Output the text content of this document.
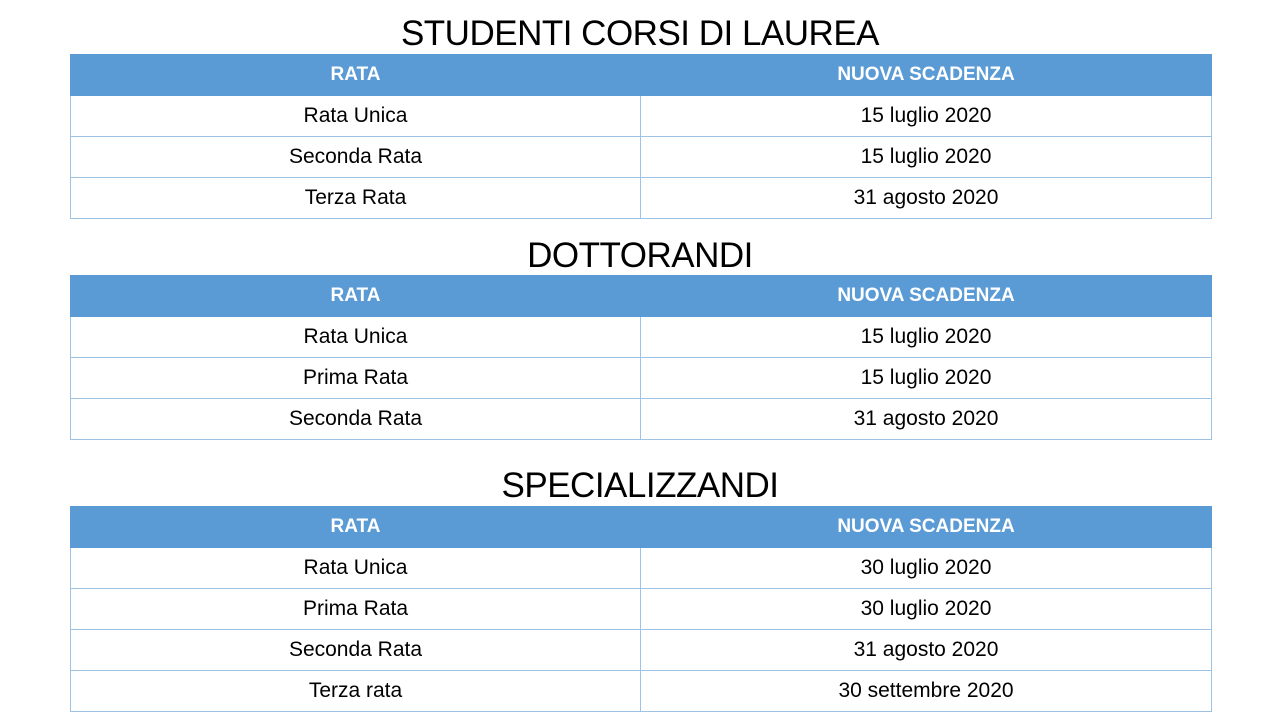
STUDENTI CORSI DI LAUREA
RATA	NUOVA SCADENZA
Rata Unica	15 luglio 2020
Seconda Rata	15 luglio 2020
Terza Rata	31 agosto 2020
DOTTORANDI
RATA	NUOVA SCADENZA
Rata Unica	15 luglio 2020
Prima Rata	15 luglio 2020
Seconda Rata	31 agosto 2020
SPECIALIZZANDI
RATA	NUOVA SCADENZA
Rata Unica	30 luglio 2020
Prima Rata	30 luglio 2020
Seconda Rata	31 agosto 2020
Terza rata	30 settembre 2020
